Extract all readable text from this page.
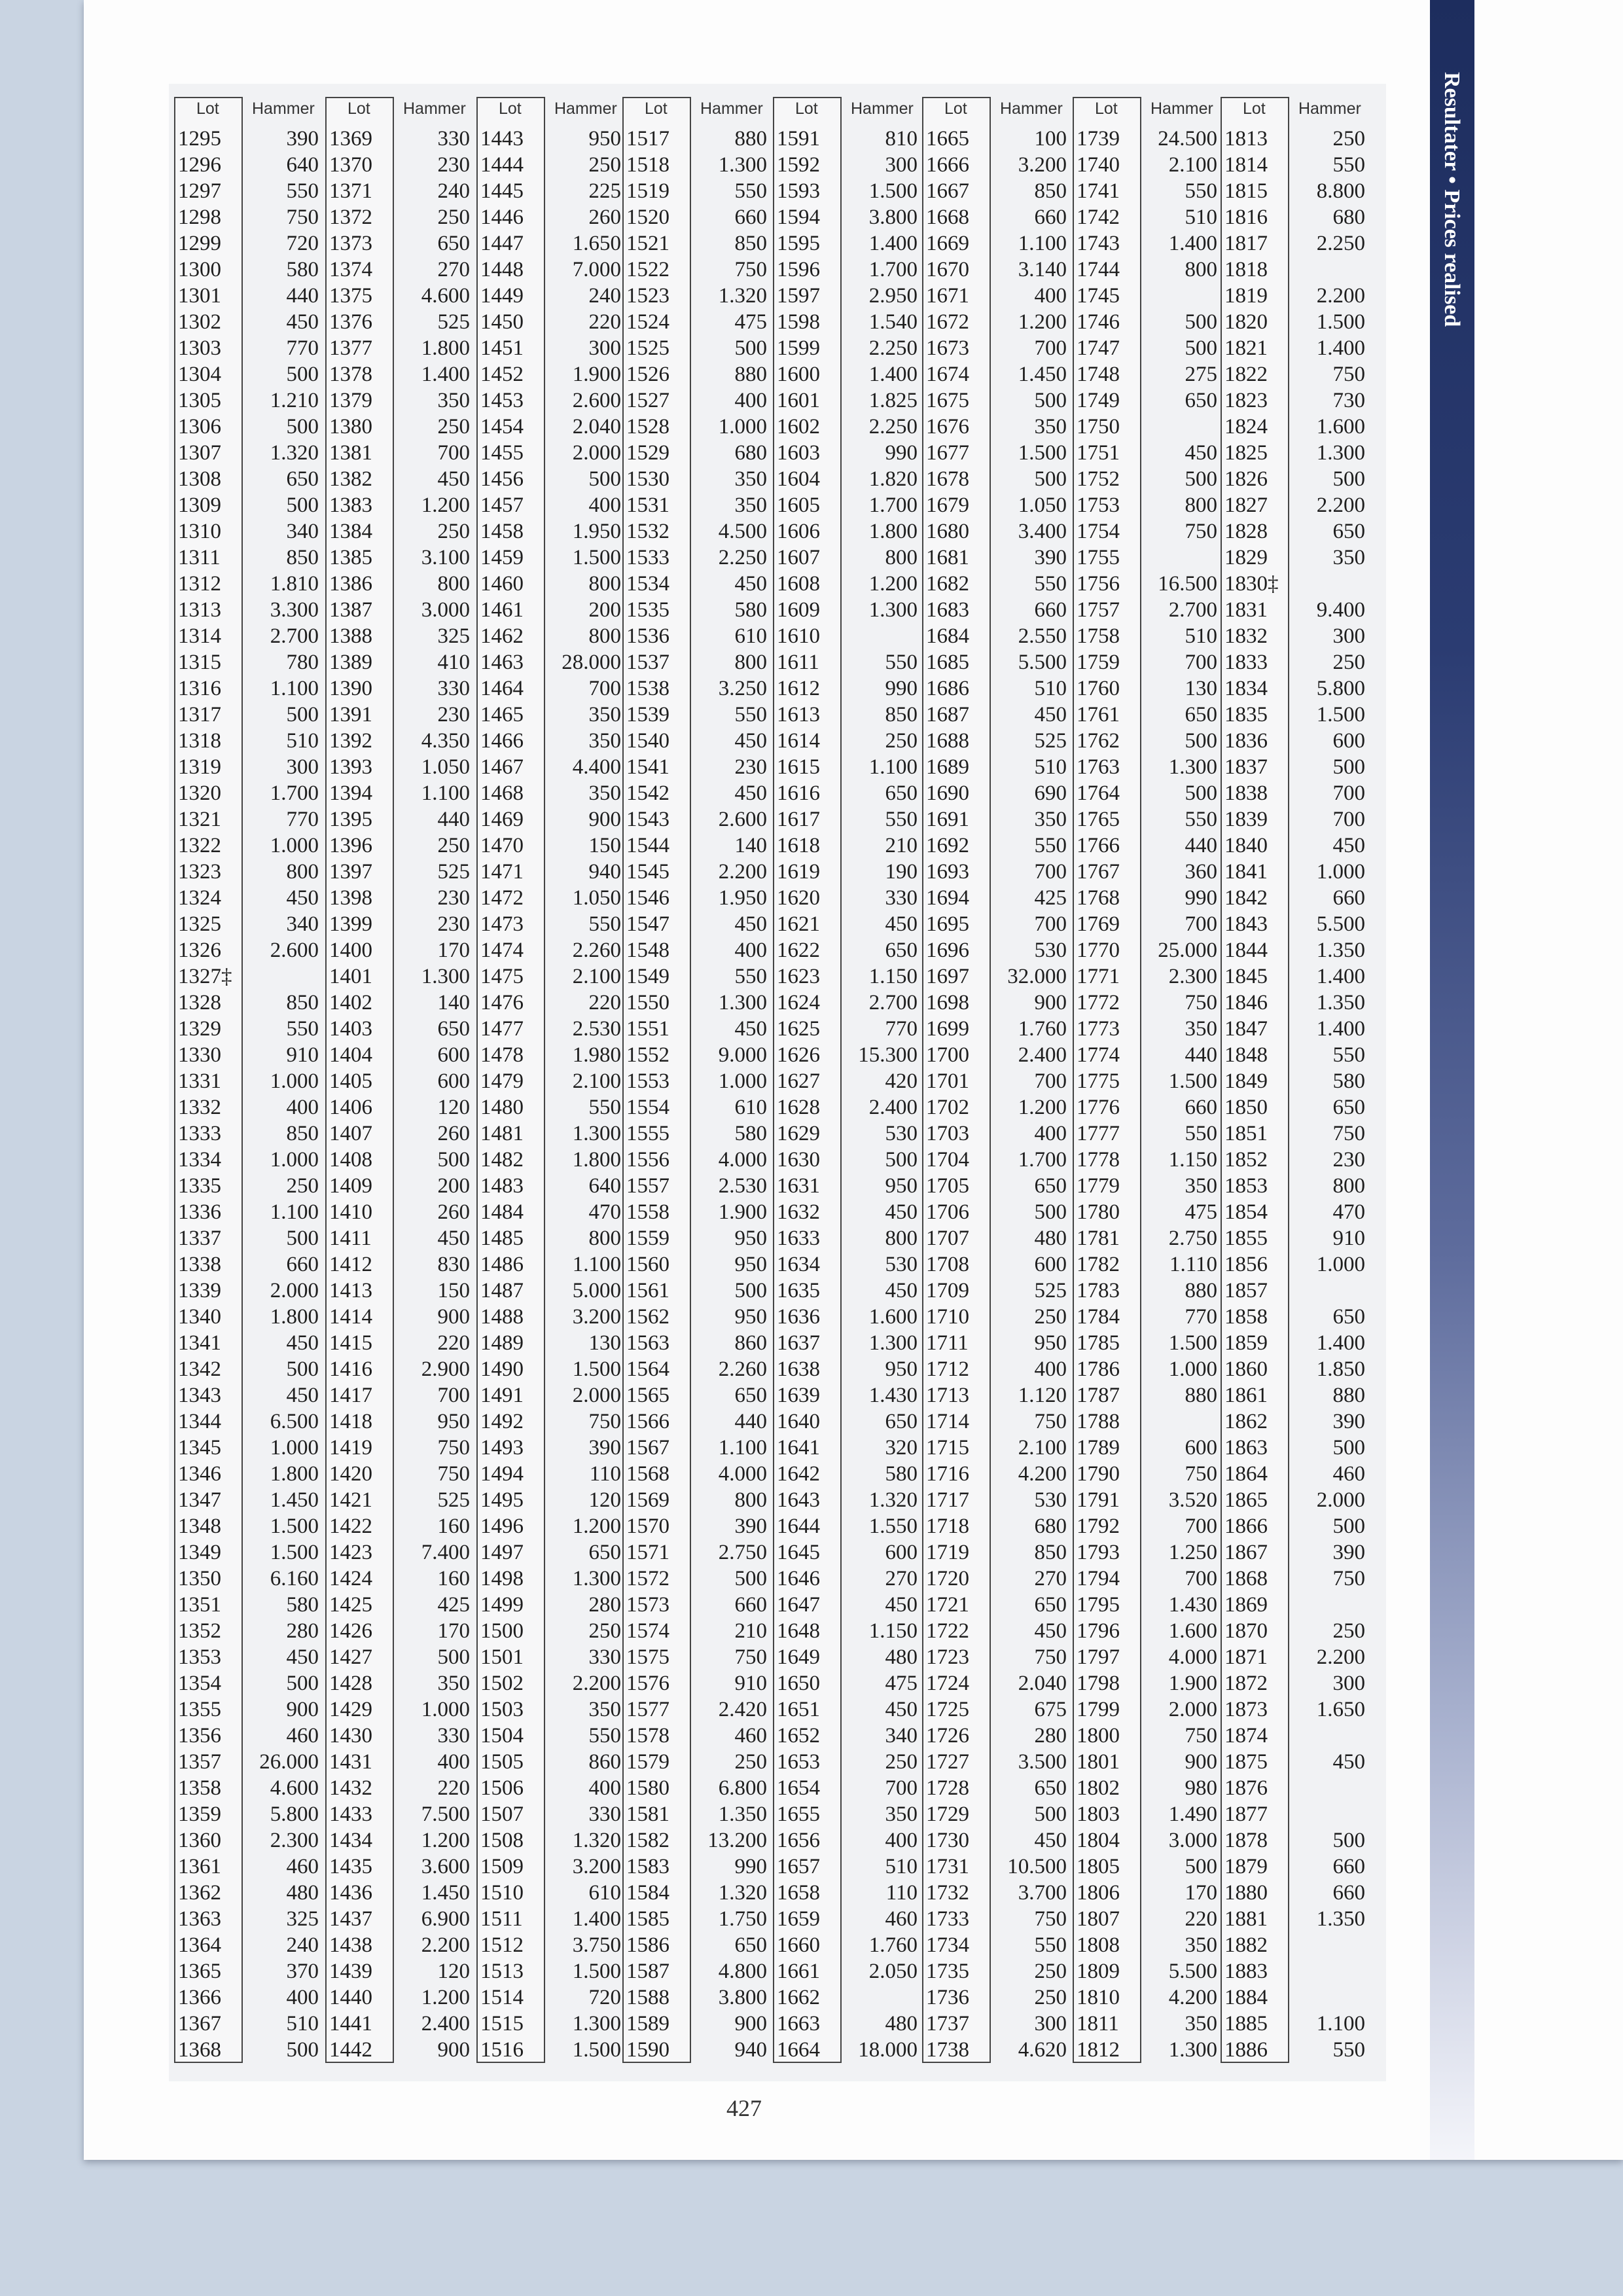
Resultater • Prices realised
Lot Hammer
1295	390
1296	640
1297	550
1298	750
1299	720
1300	580
1301	440
1302	450
1303	770
1304	500
1305	1.210
1306	500
1307	1.320
1308	650
1309	500
1310	340
1311	850
1312	1.810
1313	3.300
1314	2.700
1315	780
1316	1.100
1317	500
1318	510
1319	300
1320	1.700
1321	770
1322	1.000
1323	800
1324	450
1325	340
1326	2.600
1327‡
1328	850
1329	550
1330	910
1331	1.000
1332	400
1333	850
1334	1.000
1335	250
1336	1.100
1337	500
1338	660
1339	2.000
1340	1.800
1341	450
1342	500
1343	450
1344	6.500
1345	1.000
1346	1.800
1347	1.450
1348	1.500
1349	1.500
1350	6.160
1351	580
1352	280
1353	450
1354	500
1355	900
1356	460
1357	26.000
1358	4.600
1359	5.800
1360	2.300
1361	460
1362	480
1363	325
1364	240
1365	370
1366	400
1367	510
1368	500
Lot Hammer
1369	330
1370	230
1371	240
1372	250
1373	650
1374	270
1375	4.600
1376	525
1377	1.800
1378	1.400
1379	350
1380	250
1381	700
1382	450
1383	1.200
1384	250
1385	3.100
1386	800
1387	3.000
1388	325
1389	410
1390	330
1391	230
1392	4.350
1393	1.050
1394	1.100
1395	440
1396	250
1397	525
1398	230
1399	230
1400	170
1401	1.300
1402	140
1403	650
1404	600
1405	600
1406	120
1407	260
1408	500
1409	200
1410	260
1411	450
1412	830
1413	150
1414	900
1415	220
1416	2.900
1417	700
1418	950
1419	750
1420	750
1421	525
1422	160
1423	7.400
1424	160
1425	425
1426	170
1427	500
1428	350
1429	1.000
1430	330
1431	400
1432	220
1433	7.500
1434	1.200
1435	3.600
1436	1.450
1437	6.900
1438	2.200
1439	120
1440	1.200
1441	2.400
1442	900
Lot Hammer
1443	950
1444	250
1445	225
1446	260
1447	1.650
1448	7.000
1449	240
1450	220
1451	300
1452	1.900
1453	2.600
1454	2.040
1455	2.000
1456	500
1457	400
1458	1.950
1459	1.500
1460	800
1461	200
1462	800
1463	28.000
1464	700
1465	350
1466	350
1467	4.400
1468	350
1469	900
1470	150
1471	940
1472	1.050
1473	550
1474	2.260
1475	2.100
1476	220
1477	2.530
1478	1.980
1479	2.100
1480	550
1481	1.300
1482	1.800
1483	640
1484	470
1485	800
1486	1.100
1487	5.000
1488	3.200
1489	130
1490	1.500
1491	2.000
1492	750
1493	390
1494	110
1495	120
1496	1.200
1497	650
1498	1.300
1499	280
1500	250
1501	330
1502	2.200
1503	350
1504	550
1505	860
1506	400
1507	330
1508	1.320
1509	3.200
1510	610
1511	1.400
1512	3.750
1513	1.500
1514	720
1515	1.300
1516	1.500
Lot Hammer
1517	880
1518	1.300
1519	550
1520	660
1521	850
1522	750
1523	1.320
1524	475
1525	500
1526	880
1527	400
1528	1.000
1529	680
1530	350
1531	350
1532	4.500
1533	2.250
1534	450
1535	580
1536	610
1537	800
1538	3.250
1539	550
1540	450
1541	230
1542	450
1543	2.600
1544	140
1545	2.200
1546	1.950
1547	450
1548	400
1549	550
1550	1.300
1551	450
1552	9.000
1553	1.000
1554	610
1555	580
1556	4.000
1557	2.530
1558	1.900
1559	950
1560	950
1561	500
1562	950
1563	860
1564	2.260
1565	650
1566	440
1567	1.100
1568	4.000
1569	800
1570	390
1571	2.750
1572	500
1573	660
1574	210
1575	750
1576	910
1577	2.420
1578	460
1579	250
1580	6.800
1581	1.350
1582	13.200
1583	990
1584	1.320
1585	1.750
1586	650
1587	4.800
1588	3.800
1589	900
1590	940
Lot Hammer
1591	810
1592	300
1593	1.500
1594	3.800
1595	1.400
1596	1.700
1597	2.950
1598	1.540
1599	2.250
1600	1.400
1601	1.825
1602	2.250
1603	990
1604	1.820
1605	1.700
1606	1.800
1607	800
1608	1.200
1609	1.300
1610
1611	550
1612	990
1613	850
1614	250
1615	1.100
1616	650
1617	550
1618	210
1619	190
1620	330
1621	450
1622	650
1623	1.150
1624	2.700
1625	770
1626	15.300
1627	420
1628	2.400
1629	530
1630	500
1631	950
1632	450
1633	800
1634	530
1635	450
1636	1.600
1637	1.300
1638	950
1639	1.430
1640	650
1641	320
1642	580
1643	1.320
1644	1.550
1645	600
1646	270
1647	450
1648	1.150
1649	480
1650	475
1651	450
1652	340
1653	250
1654	700
1655	350
1656	400
1657	510
1658	110
1659	460
1660	1.760
1661	2.050
1662
1663	480
1664	18.000
Lot Hammer
1665	100
1666	3.200
1667	850
1668	660
1669	1.100
1670	3.140
1671	400
1672	1.200
1673	700
1674	1.450
1675	500
1676	350
1677	1.500
1678	500
1679	1.050
1680	3.400
1681	390
1682	550
1683	660
1684	2.550
1685	5.500
1686	510
1687	450
1688	525
1689	510
1690	690
1691	350
1692	550
1693	700
1694	425
1695	700
1696	530
1697	32.000
1698	900
1699	1.760
1700	2.400
1701	700
1702	1.200
1703	400
1704	1.700
1705	650
1706	500
1707	480
1708	600
1709	525
1710	250
1711	950
1712	400
1713	1.120
1714	750
1715	2.100
1716	4.200
1717	530
1718	680
1719	850
1720	270
1721	650
1722	450
1723	750
1724	2.040
1725	675
1726	280
1727	3.500
1728	650
1729	500
1730	450
1731	10.500
1732	3.700
1733	750
1734	550
1735	250
1736	250
1737	300
1738	4.620
Lot Hammer
1739	24.500
1740	2.100
1741	550
1742	510
1743	1.400
1744	800
1745
1746	500
1747	500
1748	275
1749	650
1750
1751	450
1752	500
1753	800
1754	750
1755
1756	16.500
1757	2.700
1758	510
1759	700
1760	130
1761	650
1762	500
1763	1.300
1764	500
1765	550
1766	440
1767	360
1768	990
1769	700
1770	25.000
1771	2.300
1772	750
1773	350
1774	440
1775	1.500
1776	660
1777	550
1778	1.150
1779	350
1780	475
1781	2.750
1782	1.110
1783	880
1784	770
1785	1.500
1786	1.000
1787	880
1788
1789	600
1790	750
1791	3.520
1792	700
1793	1.250
1794	700
1795	1.430
1796	1.600
1797	4.000
1798	1.900
1799	2.000
1800	750
1801	900
1802	980
1803	1.490
1804	3.000
1805	500
1806	170
1807	220
1808	350
1809	5.500
1810	4.200
1811	350
1812	1.300
Lot Hammer
1813	250
1814	550
1815	8.800
1816	680
1817	2.250
1818
1819	2.200
1820	1.500
1821	1.400
1822	750
1823	730
1824	1.600
1825	1.300
1826	500
1827	2.200
1828	650
1829	350
1830‡
1831	9.400
1832	300
1833	250
1834	5.800
1835	1.500
1836	600
1837	500
1838	700
1839	700
1840	450
1841	1.000
1842	660
1843	5.500
1844	1.350
1845	1.400
1846	1.350
1847	1.400
1848	550
1849	580
1850	650
1851	750
1852	230
1853	800
1854	470
1855	910
1856	1.000
1857
1858	650
1859	1.400
1860	1.850
1861	880
1862	390
1863	500
1864	460
1865	2.000
1866	500
1867	390
1868	750
1869
1870	250
1871	2.200
1872	300
1873	1.650
1874
1875	450
1876
1877
1878	500
1879	660
1880	660
1881	1.350
1882
1883
1884
1885	1.100
1886	550
427
